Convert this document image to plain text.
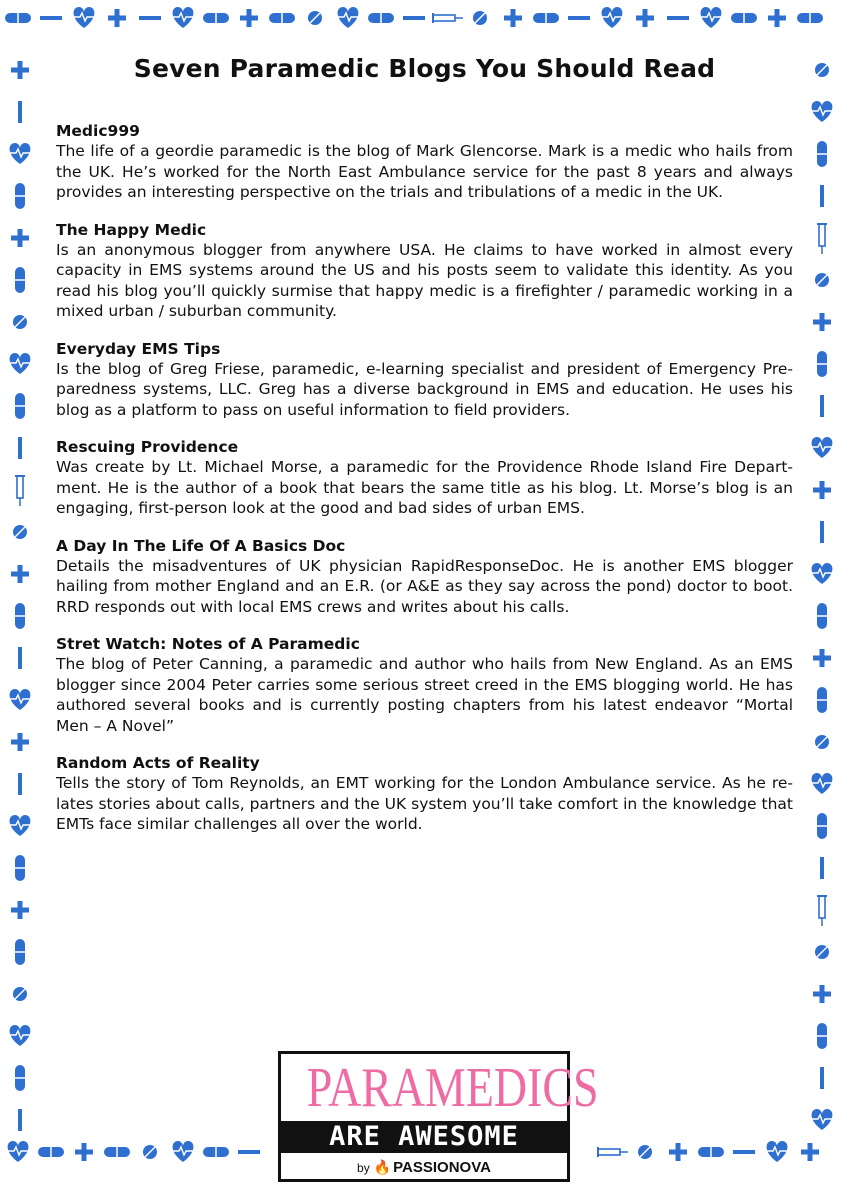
Seven Paramedic Blogs You Should Read

Medic999

The life of a geordie paramedic is the blog of Mark Glencorse. Mark is a medic who hails from the UK. He’s worked for the North East Ambulance service for the past 8 years and always provides an interesting perspective on the trials and tribulations of a medic in the UK.

The Happy Medic

Is an anonymous blogger from anywhere USA. He claims to have worked in almost every capacity in EMS systems around the US and his posts seem to validate this identity. As you read his blog you’ll quickly surmise that happy medic is a firefighter / paramedic working in a mixed urban / suburban community.

Everyday EMS Tips

Is the blog of Greg Friese, paramedic, e-learning specialist and president of Emergency Pre-paredness systems, LLC. Greg has a diverse background in EMS and education. He uses his blog as a platform to pass on useful information to field providers.

Rescuing Providence

Was create by Lt. Michael Morse, a paramedic for the Providence Rhode Island Fire Depart-ment. He is the author of a book that bears the same title as his blog. Lt. Morse’s blog is an engaging, first-person look at the good and bad sides of urban EMS.

A Day In The Life Of A Basics Doc

Details the misadventures of UK physician RapidResponseDoc. He is another EMS blogger hailing from mother England and an E.R. (or A&E as they say across the pond) doctor to boot. RRD responds out with local EMS crews and writes about his calls.

Stret Watch: Notes of A Paramedic

The blog of Peter Canning, a paramedic and author who hails from New England. As an EMS blogger since 2004 Peter carries some serious street creed in the EMS blogging world. He has authored several books and is currently posting chapters from his latest endeavor “Mortal Men – A Novel”

Random Acts of Reality

Tells the story of Tom Reynolds, an EMT working for the London Ambulance service. As he re-lates stories about calls, partners and the UK system you’ll take comfort in the knowledge that EMTs face similar challenges all over the world.

PARAMEDICS
ARE AWESOME
by 🔥 PASSIONOVA
